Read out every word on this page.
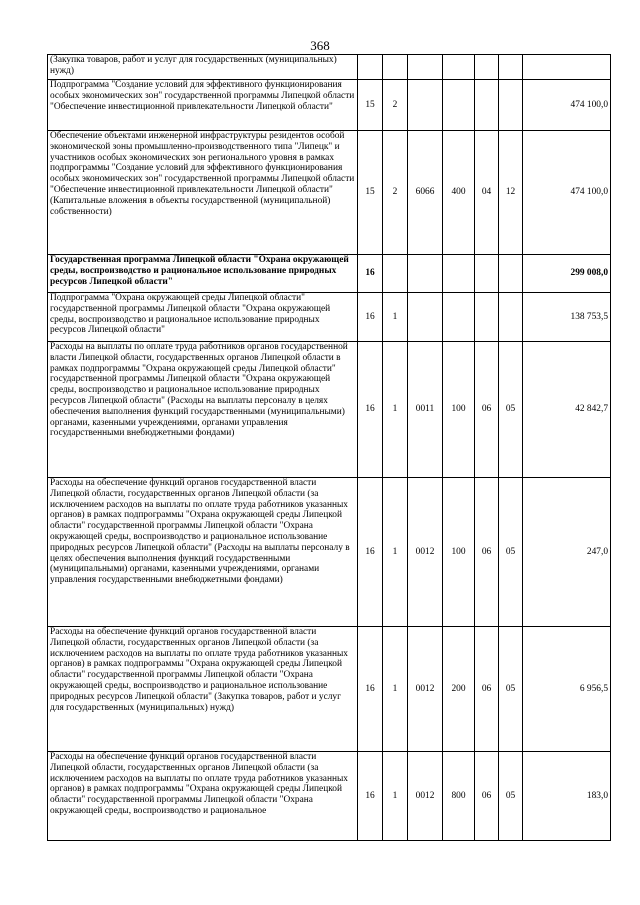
368
(Закупка товаров, работ и услуг для государственных (муниципальных) нужд)							
Подпрограмма "Создание условий для эффективного функционирования особых экономических зон" государственной программы Липецкой области "Обеспечение инвестиционной привлекательности Липецкой области"	15	2					474 100,0
Обеспечение объектами инженерной инфраструктуры резидентов особой экономической зоны промышленно-производственного типа "Липецк" и участников особых экономических зон регионального уровня в рамках подпрограммы "Создание условий для эффективного функционирования особых экономических зон" государственной программы Липецкой области "Обеспечение инвестиционной привлекательности Липецкой области" (Капитальные вложения в объекты государственной (муниципальной) собственности)	15	2	6066	400	04	12	474 100,0
Государственная программа Липецкой области "Охрана окружающей среды, воспроизводство и рациональное использование природных ресурсов Липецкой области"	16						299 008,0
Подпрограмма "Охрана окружающей среды Липецкой области" государственной программы Липецкой области "Охрана окружающей среды, воспроизводство и рациональное использование природных ресурсов Липецкой области"	16	1					138 753,5
Расходы на выплаты по оплате труда работников органов государственной власти Липецкой области, государственных органов Липецкой области в рамках подпрограммы "Охрана окружающей среды Липецкой области" государственной программы Липецкой области "Охрана окружающей среды, воспроизводство и рациональное использование природных ресурсов Липецкой области" (Расходы на выплаты персоналу в целях обеспечения выполнения функций государственными (муниципальными) органами, казенными учреждениями, органами управления государственными внебюджетными фондами)	16	1	0011	100	06	05	42 842,7
Расходы на обеспечение функций органов государственной власти Липецкой области, государственных органов Липецкой области (за исключением расходов на выплаты по оплате труда работников указанных органов) в рамках подпрограммы "Охрана окружающей среды Липецкой области" государственной программы Липецкой области "Охрана окружающей среды, воспроизводство и рациональное использование природных ресурсов Липецкой области" (Расходы на выплаты персоналу в целях обеспечения выполнения функций государственными (муниципальными) органами, казенными учреждениями, органами управления государственными внебюджетными фондами)	16	1	0012	100	06	05	247,0
Расходы на обеспечение функций органов государственной власти Липецкой области, государственных органов Липецкой области (за исключением расходов на выплаты по оплате труда работников указанных органов) в рамках подпрограммы "Охрана окружающей среды Липецкой области" государственной программы Липецкой области "Охрана окружающей среды, воспроизводство и рациональное использование природных ресурсов Липецкой области" (Закупка товаров, работ и услуг для государственных (муниципальных) нужд)	16	1	0012	200	06	05	6 956,5
Расходы на обеспечение функций органов государственной власти Липецкой области, государственных органов Липецкой области (за исключением расходов на выплаты по оплате труда работников указанных органов) в рамках подпрограммы "Охрана окружающей среды Липецкой области" государственной программы Липецкой области "Охрана окружающей среды, воспроизводство и рациональное	16	1	0012	800	06	05	183,0
